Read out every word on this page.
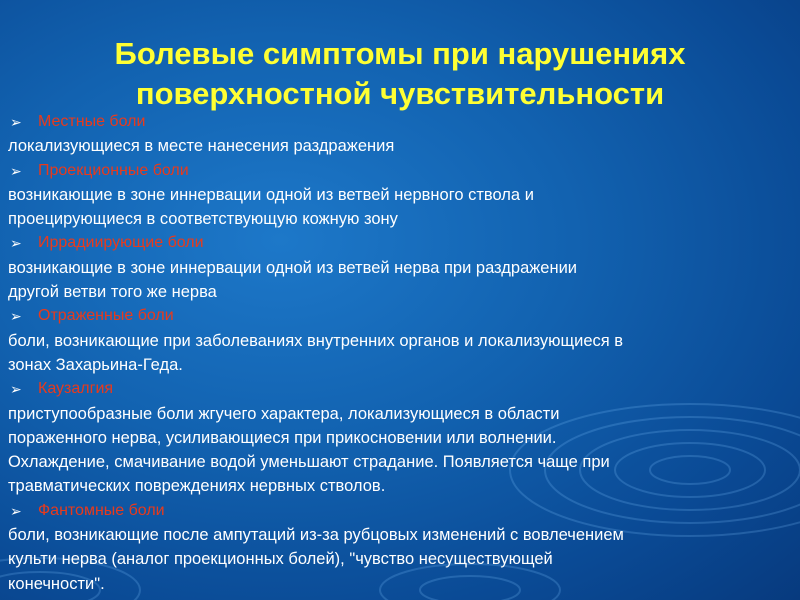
Болевые симптомы при нарушениях
поверхностной чувствительности
➢	Местные боли
локализующиеся в месте нанесения раздражения
➢	Проекционные боли
возникающие в зоне иннервации одной из ветвей нервного ствола и
проецирующиеся в соответствующую кожную зону
➢	Иррадиирующие боли
возникающие в зоне иннервации одной из ветвей нерва при раздражении
другой ветви того же нерва
➢	Отраженные боли
боли, возникающие при заболеваниях внутренних органов и локализующиеся в
зонах Захарьина-Геда.
➢	Каузалгия
приступообразные боли жгучего характера, локализующиеся в области
пораженного нерва, усиливающиеся при прикосновении или волнении.
Охлаждение, смачивание водой уменьшают страдание. Появляется чаще при
травматических повреждениях нервных стволов.
➢	Фантомные боли
боли, возникающие после ампутаций из-за рубцовых изменений с вовлечением
культи нерва (аналог проекционных болей), "чувство несуществующей
конечности".
